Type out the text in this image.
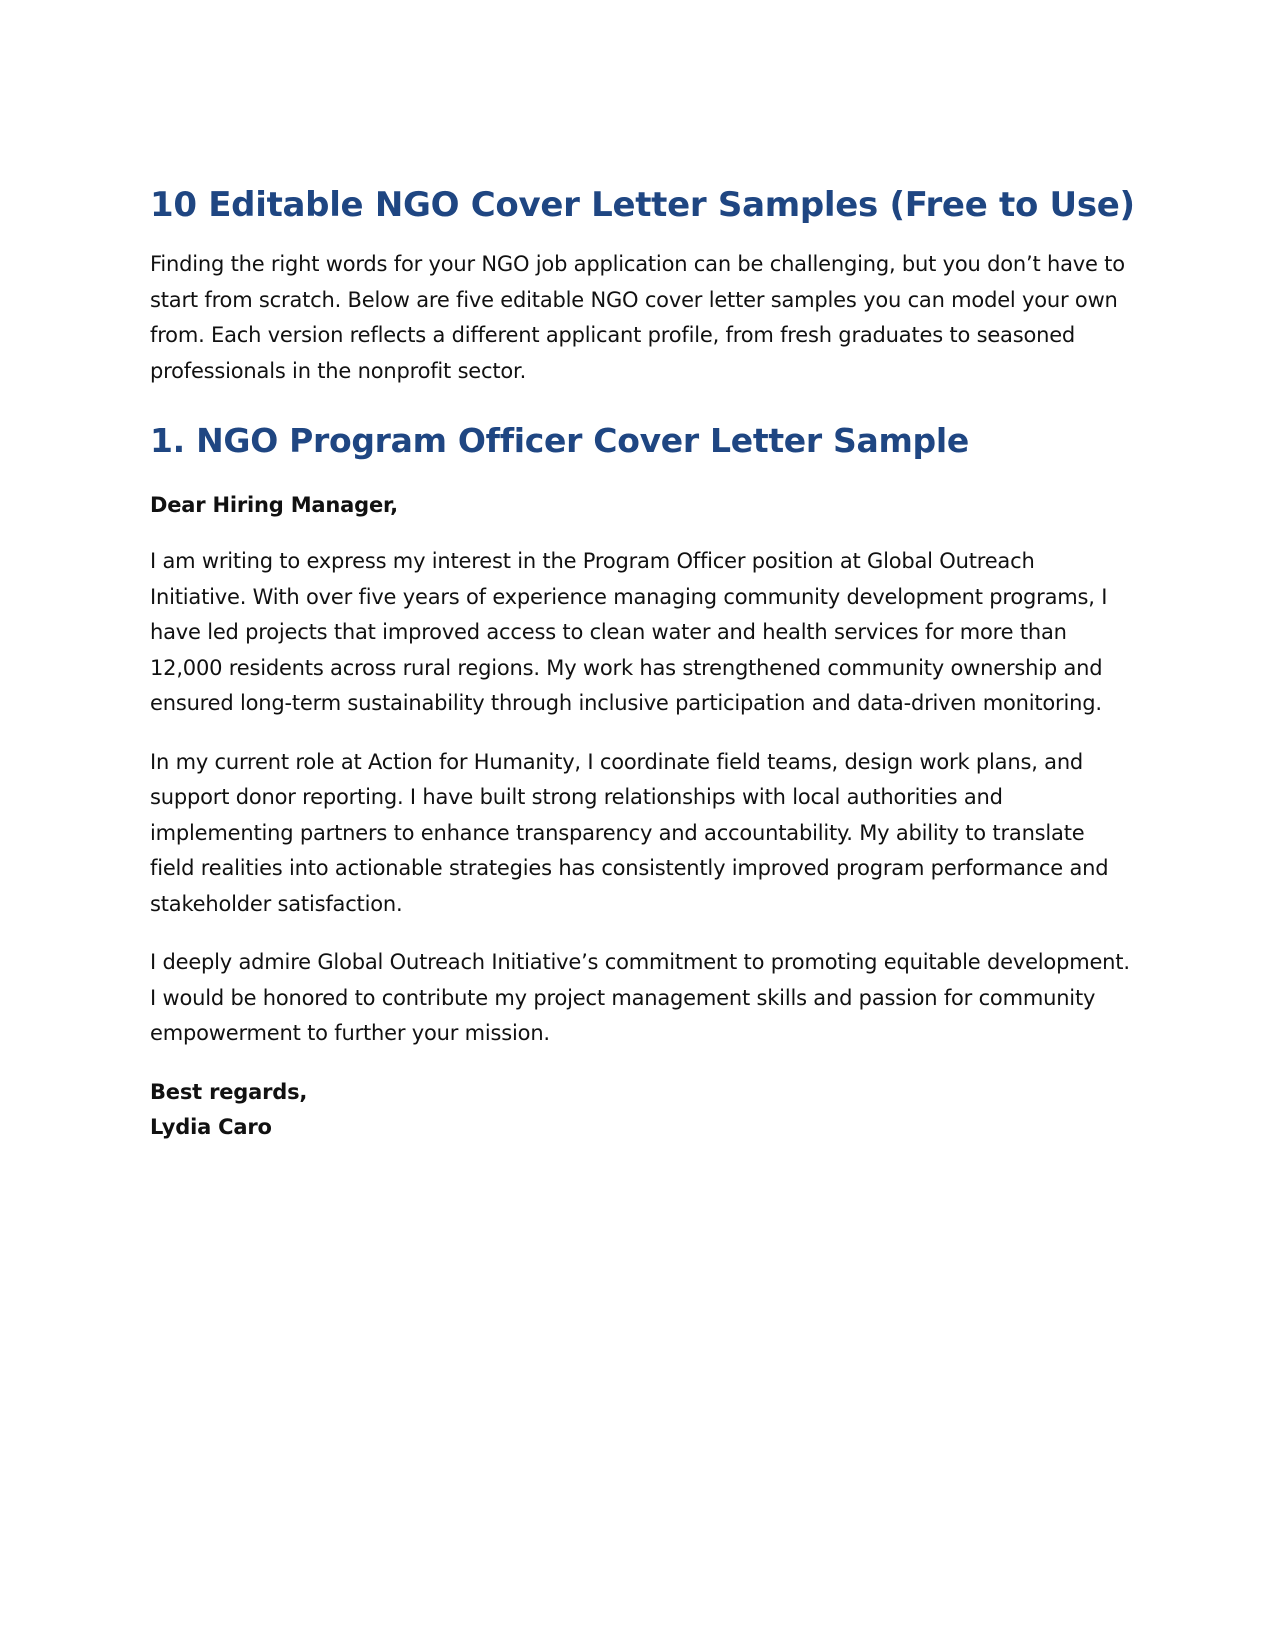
10 Editable NGO Cover Letter Samples (Free to Use)

Finding the right words for your NGO job application can be challenging, but you don’t have to start from scratch. Below are five editable NGO cover letter samples you can model your own from. Each version reflects a different applicant profile, from fresh graduates to seasoned professionals in the nonprofit sector.

1. NGO Program Officer Cover Letter Sample

Dear Hiring Manager,

I am writing to express my interest in the Program Officer position at Global Outreach Initiative. With over five years of experience managing community development programs, I have led projects that improved access to clean water and health services for more than 12,000 residents across rural regions. My work has strengthened community ownership and ensured long-term sustainability through inclusive participation and data-driven monitoring.

In my current role at Action for Humanity, I coordinate field teams, design work plans, and support donor reporting. I have built strong relationships with local authorities and implementing partners to enhance transparency and accountability. My ability to translate field realities into actionable strategies has consistently improved program performance and stakeholder satisfaction.

I deeply admire Global Outreach Initiative’s commitment to promoting equitable development. I would be honored to contribute my project management skills and passion for community empowerment to further your mission.

Best regards,

Lydia Caro
